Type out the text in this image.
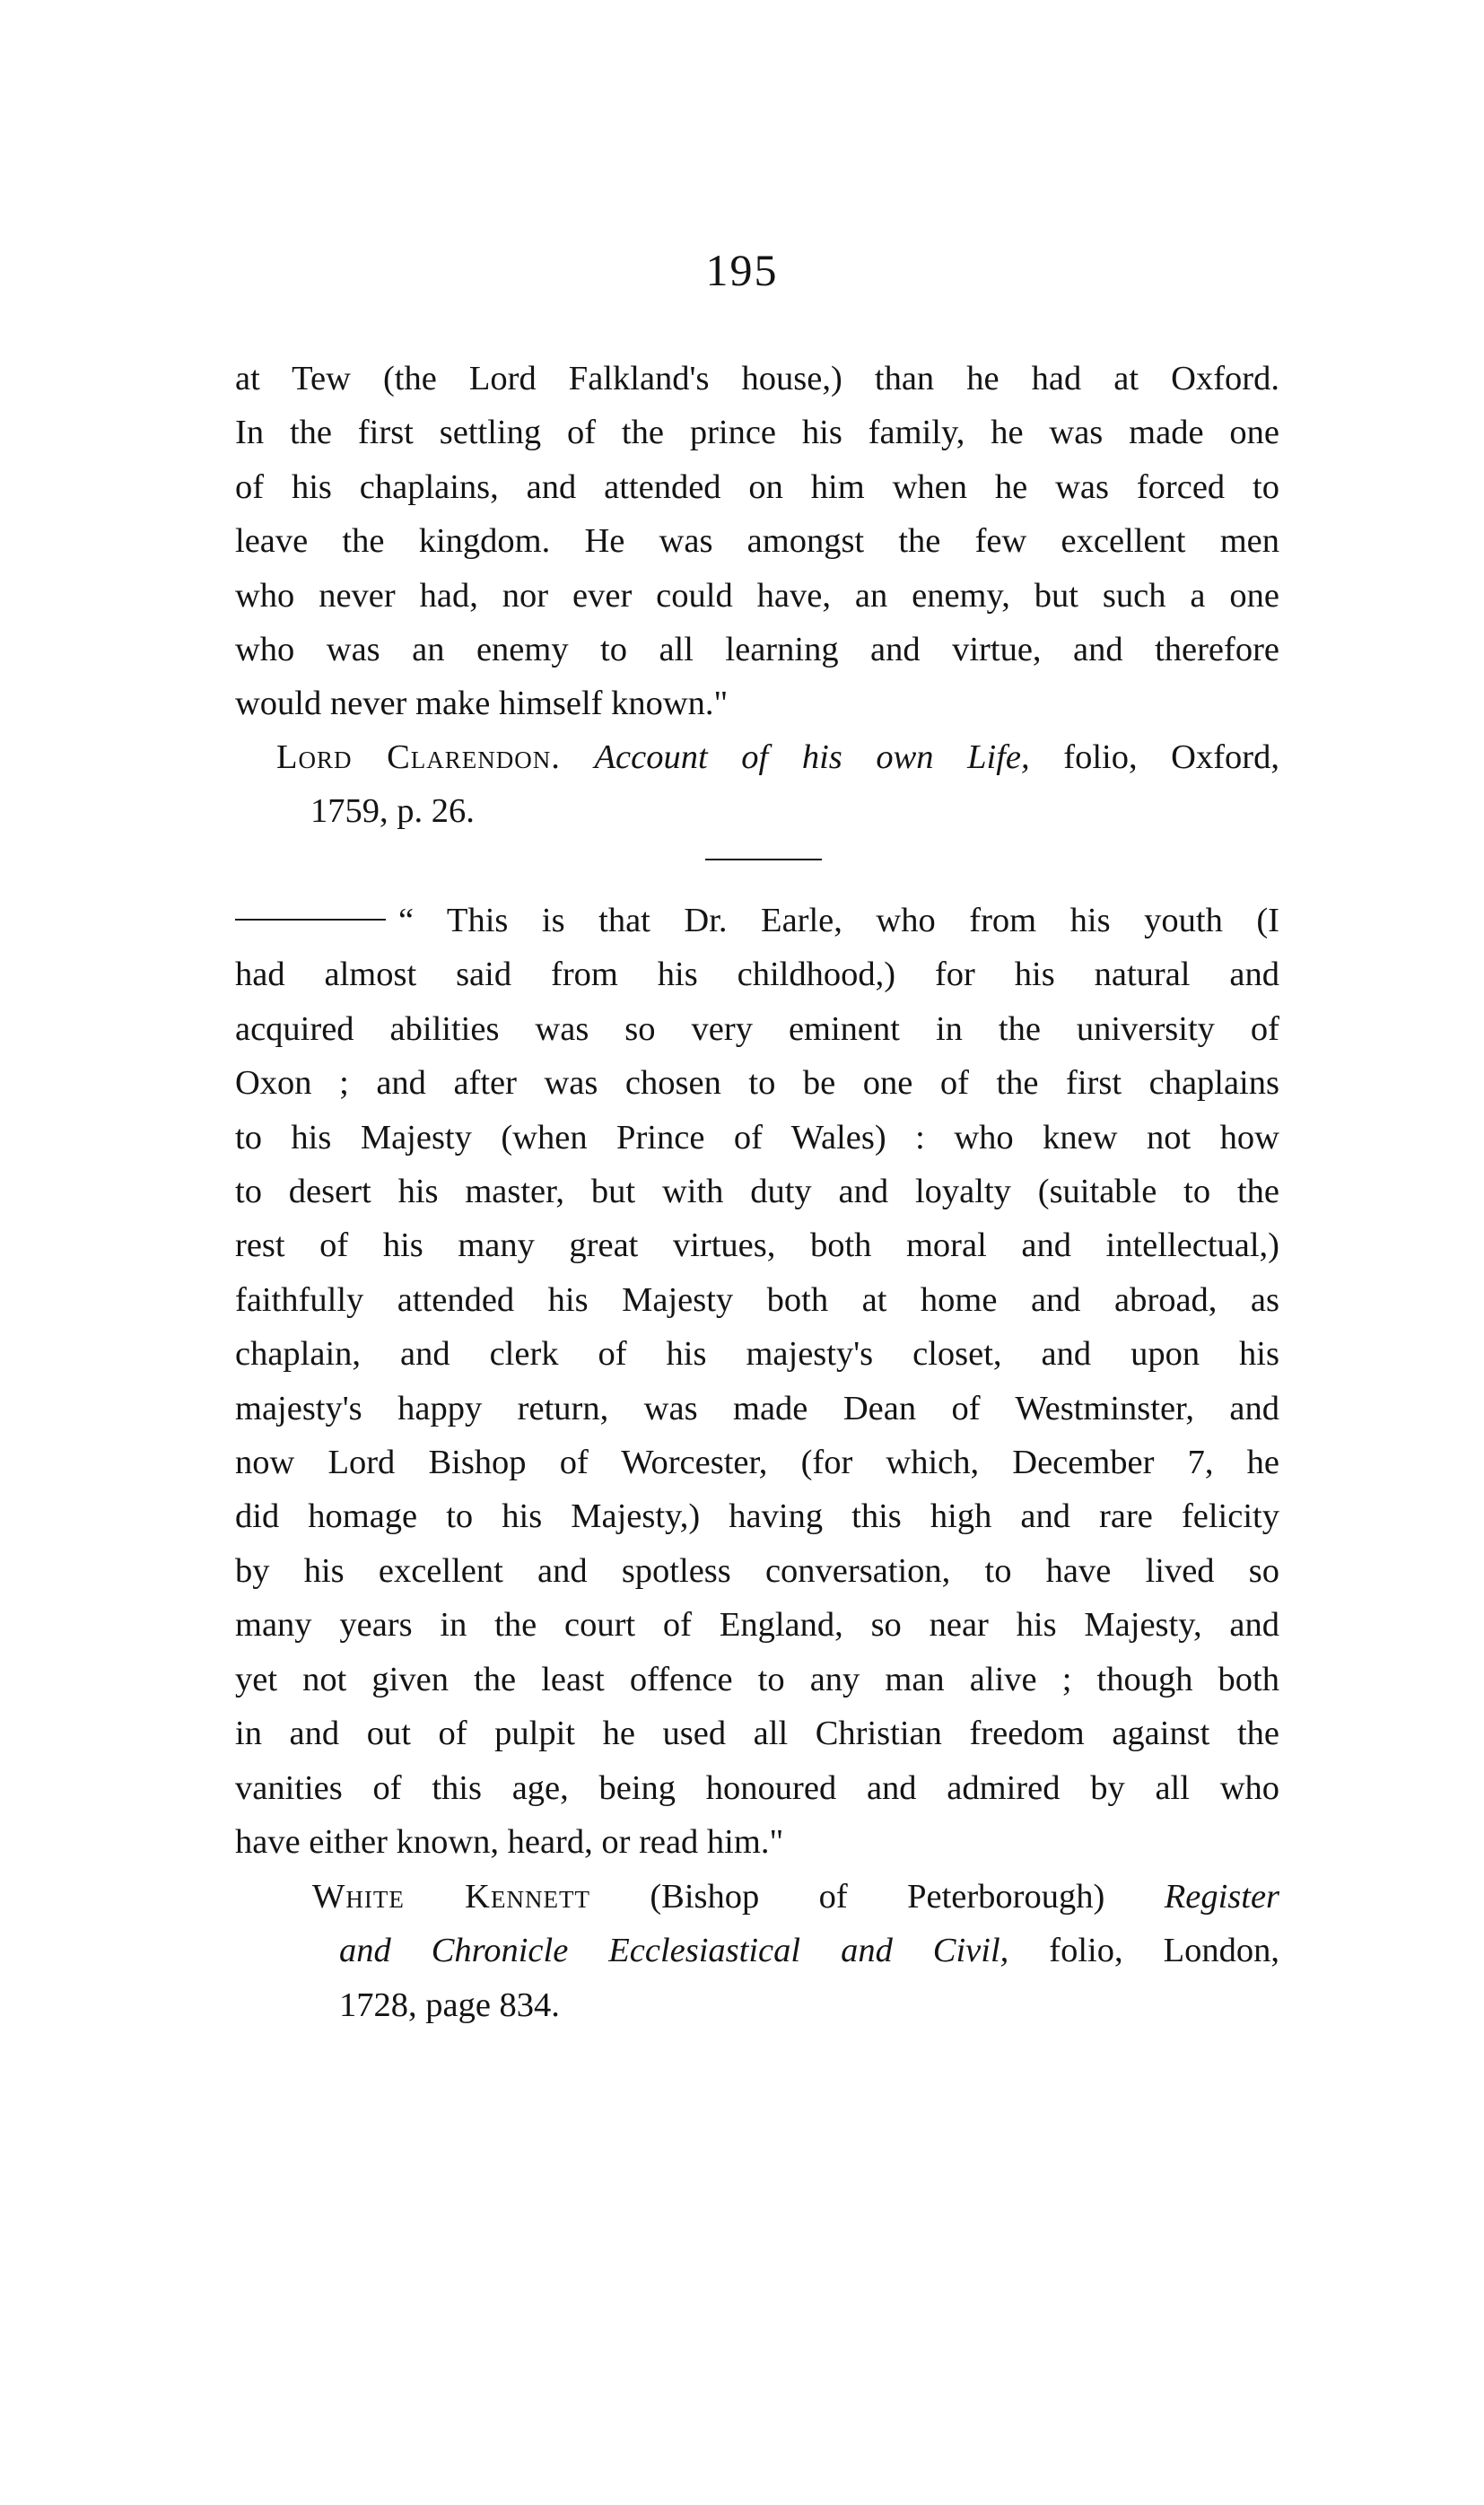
195
at Tew (the Lord Falkland's house,) than he had at Oxford.
In the first settling of the prince his family, he was made one
of his chaplains, and attended on him when he was forced to
leave the kingdom. He was amongst the few excellent men
who never had, nor ever could have, an enemy, but such a one
who was an enemy to all learning and virtue, and therefore
would never make himself known."
Lord Clarendon. Account of his own Life, folio, Oxford,
1759, p. 26.
“ This is that Dr. Earle, who from his youth (I
had almost said from his childhood,) for his natural and
acquired abilities was so very eminent in the university of
Oxon ; and after was chosen to be one of the first chaplains
to his Majesty (when Prince of Wales) : who knew not how
to desert his master, but with duty and loyalty (suitable to the
rest of his many great virtues, both moral and intellectual,)
faithfully attended his Majesty both at home and abroad, as
chaplain, and clerk of his majesty's closet, and upon his
majesty's happy return, was made Dean of Westminster, and
now Lord Bishop of Worcester, (for which, December 7, he
did homage to his Majesty,) having this high and rare felicity
by his excellent and spotless conversation, to have lived so
many years in the court of England, so near his Majesty, and
yet not given the least offence to any man alive ; though both
in and out of pulpit he used all Christian freedom against the
vanities of this age, being honoured and admired by all who
have either known, heard, or read him."
White Kennett (Bishop of Peterborough) Register
and Chronicle Ecclesiastical and Civil, folio, London,
1728, page 834.
